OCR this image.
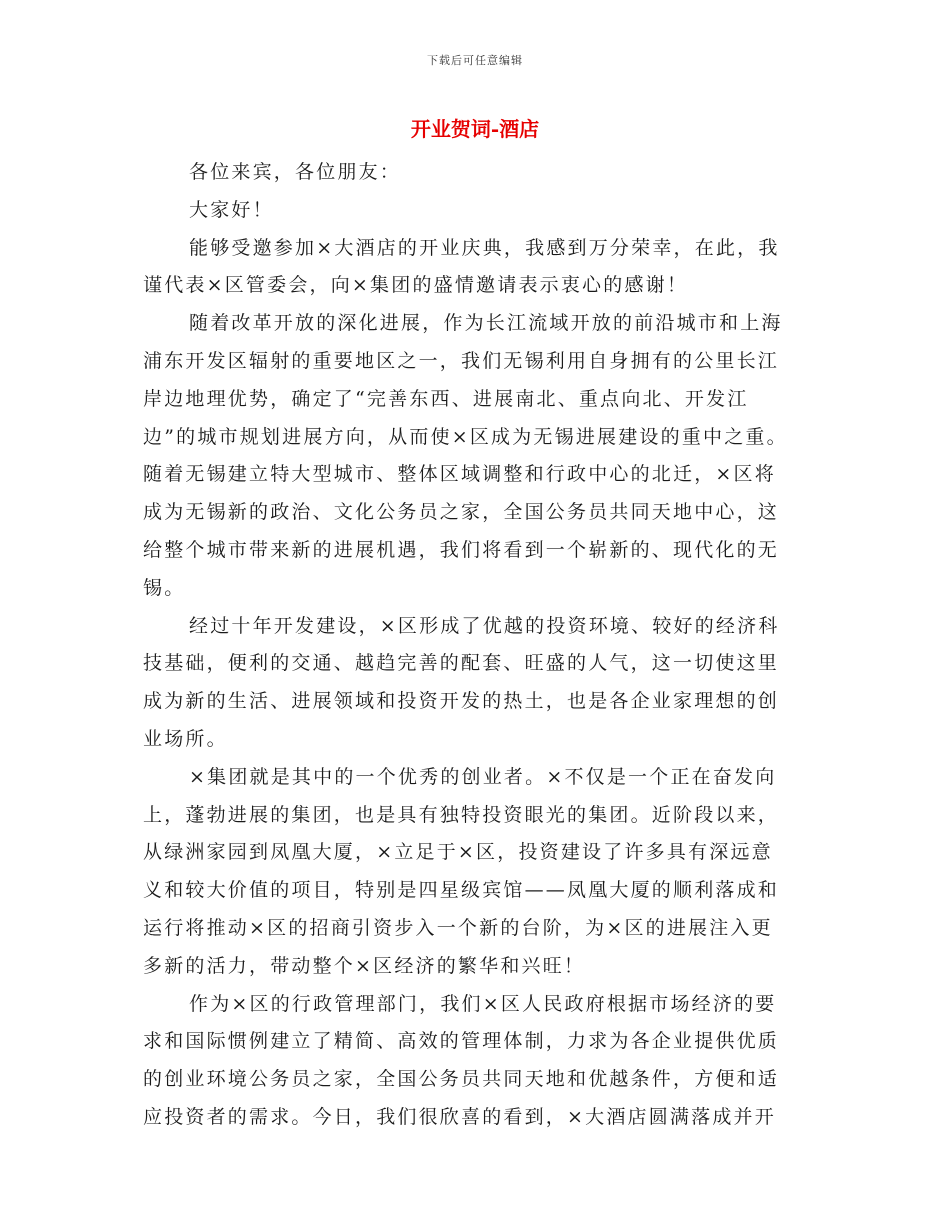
下载后可任意编辑
开业贺词-酒店

各位来宾，各位朋友：

大家好！

能够受邀参加×大酒店的开业庆典，我感到万分荣幸，在此，我
谨代表×区管委会，向×集团的盛情邀请表示衷心的感谢！

随着改革开放的深化进展，作为长江流域开放的前沿城市和上海
浦东开发区辐射的重要地区之一，我们无锡利用自身拥有的公里长江
岸边地理优势，确定了“完善东西、进展南北、重点向北、开发江
边”的城市规划进展方向，从而使×区成为无锡进展建设的重中之重。
随着无锡建立特大型城市、整体区域调整和行政中心的北迁，×区将
成为无锡新的政治、文化公务员之家，全国公务员共同天地中心，这
给整个城市带来新的进展机遇，我们将看到一个崭新的、现代化的无
锡。

经过十年开发建设，×区形成了优越的投资环境、较好的经济科
技基础，便利的交通、越趋完善的配套、旺盛的人气，这一切使这里
成为新的生活、进展领域和投资开发的热土，也是各企业家理想的创
业场所。

×集团就是其中的一个优秀的创业者。×不仅是一个正在奋发向
上，蓬勃进展的集团，也是具有独特投资眼光的集团。近阶段以来，
从绿洲家园到凤凰大厦，×立足于×区，投资建设了许多具有深远意
义和较大价值的项目，特别是四星级宾馆——凤凰大厦的顺利落成和
运行将推动×区的招商引资步入一个新的台阶，为×区的进展注入更
多新的活力，带动整个×区经济的繁华和兴旺！

作为×区的行政管理部门，我们×区人民政府根据市场经济的要
求和国际惯例建立了精简、高效的管理体制，力求为各企业提供优质
的创业环境公务员之家，全国公务员共同天地和优越条件，方便和适
应投资者的需求。今日，我们很欣喜的看到，×大酒店圆满落成并开
